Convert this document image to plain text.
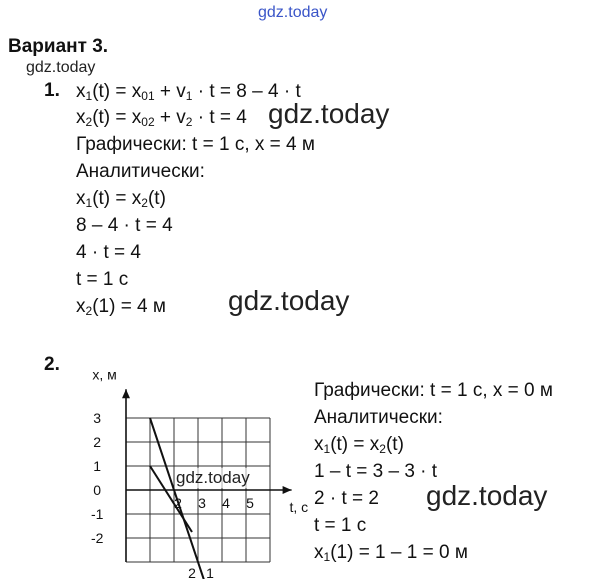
gdz.today
Вариант 3.
gdz.today
1. $x_1(t) = x_{01} + v_1 \cdot t = 8 - 4 \cdot t$
$x_2(t) = x_{02} + v_2 \cdot t = 4$ gdz.today
Графически: t = 1 с, x = 4 м
Аналитически:
$x_1(t) = x_2(t)$
8 – 4 · t = 4
4 · t = 4
t = 1 с
$x_2(1) = 4$ м gdz.today
2. x, м
t, с
3
2
1
0
-1
-2
2 3 4 5
2 1
gdz.today
Графически: t = 1 с, x = 0 м
Аналитически:
$x_1(t) = x_2(t)$
1 – t = 3 – 3 · t
2 · t = 2
t = 1 с
$x_1(1) = 1 - 1 = 0$ м
gdz.today
